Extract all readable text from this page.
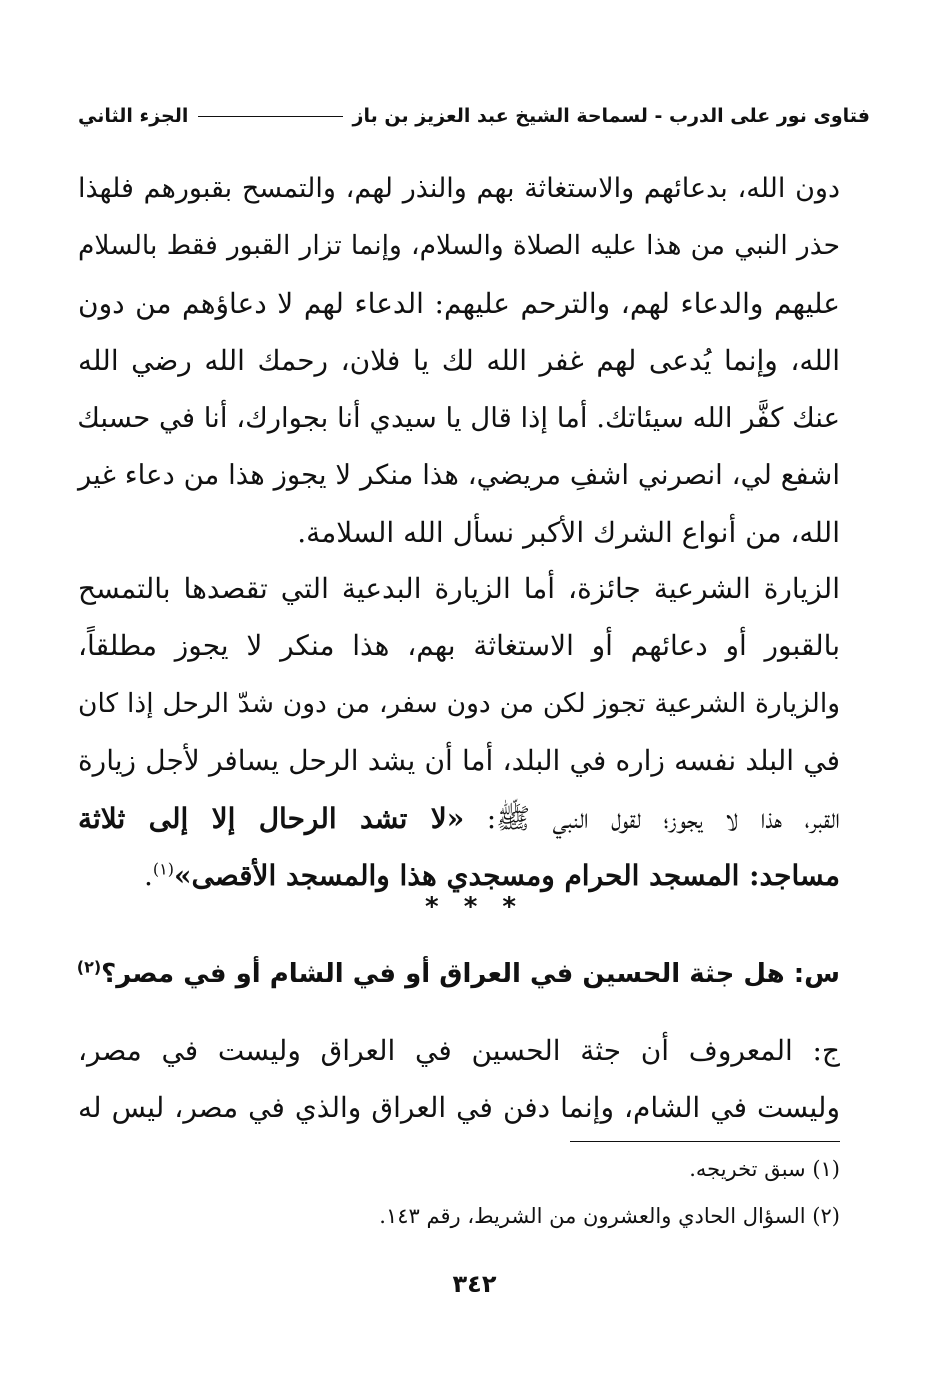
فتاوى نور على الدرب - لسماحة الشيخ عبد العزيز بن باز
الجزء الثاني
دون الله، بدعائهم والاستغاثة بهم والنذر لهم، والتمسح بقبورهم فلهذا
حذر النبي من هذا عليه الصلاة والسلام، وإنما تزار القبور فقط بالسلام
عليهم والدعاء لهم، والترحم عليهم: الدعاء لهم لا دعاؤهم من دون
الله، وإنما يُدعى لهم غفر الله لك يا فلان، رحمك الله رضي الله
عنك كفَّر الله سيئاتك. أما إذا قال يا سيدي أنا بجوارك، أنا في حسبك
اشفع لي، انصرني اشفِ مريضي، هذا منكر لا يجوز هذا من دعاء غير
الله، من أنواع الشرك الأكبر نسأل الله السلامة.
الزيارة الشرعية جائزة، أما الزيارة البدعية التي تقصدها بالتمسح
بالقبور أو دعائهم أو الاستغاثة بهم، هذا منكر لا يجوز مطلقاً،
والزيارة الشرعية تجوز لكن من دون سفر، من دون شدّ الرحل إذا كان
في البلد نفسه زاره في البلد، أما أن يشد الرحل يسافر لأجل زيارة
القبر، هذا لا يجوز؛ لقول النبي ﷺ: «لا تشد الرحال إلا إلى ثلاثة
مساجد: المسجد الحرام ومسجدي هذا والمسجد الأقصى»$^{(١)}$.
* * *
س: هل جثة الحسين في العراق أو في الشام أو في مصر؟$^{(٢)}$
ج: المعروف أن جثة الحسين في العراق وليست في مصر،
وليست في الشام، وإنما دفن في العراق والذي في مصر، ليس له
(١) سبق تخريجه.
(٢) السؤال الحادي والعشرون من الشريط، رقم ١٤٣.
٣٤٢
